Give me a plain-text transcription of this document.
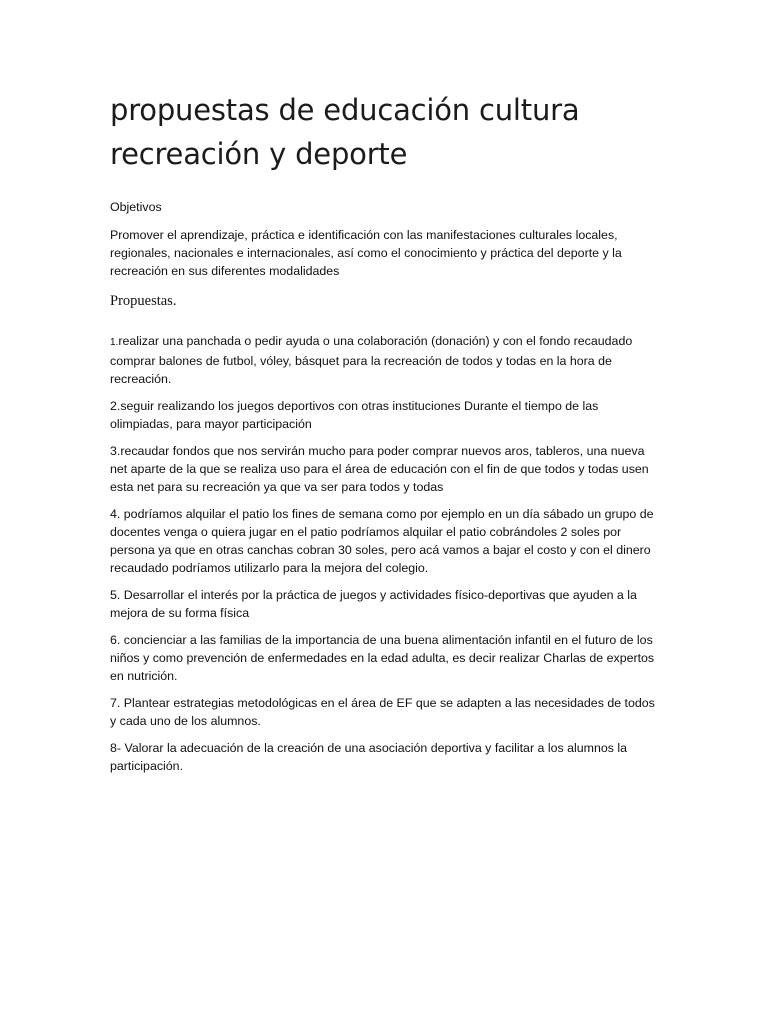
propuestas de educación cultura recreación y deporte

Objetivos

Promover el aprendizaje, práctica e identificación con las manifestaciones culturales locales, regionales, nacionales e internacionales, así como el conocimiento y práctica del deporte y la recreación en sus diferentes modalidades

Propuestas.

1.realizar una panchada o pedir ayuda o una colaboración (donación) y con el fondo recaudado comprar balones de futbol, vóley, básquet para la recreación de todos y todas en la hora de recreación.

2.seguir realizando los juegos deportivos con otras instituciones Durante el tiempo de las olimpiadas, para mayor participación

3.recaudar fondos que nos servirán mucho para poder comprar nuevos aros, tableros, una nueva net aparte de la que se realiza uso para el área de educación con el fin de que todos y todas usen esta net para su recreación ya que va ser para todos y todas

4. podríamos alquilar el patio los fines de semana como por ejemplo en un día sábado un grupo de docentes venga o quiera jugar en el patio podríamos alquilar el patio cobrándoles 2 soles por persona ya que en otras canchas cobran 30 soles, pero acá vamos a bajar el costo y con el dinero recaudado podríamos utilizarlo para la mejora del colegio.

5. Desarrollar el interés por la práctica de juegos y actividades físico-deportivas que ayuden a la mejora de su forma física

6. concienciar a las familias de la importancia de una buena alimentación infantil en el futuro de los niños y como prevención de enfermedades en la edad adulta, es decir realizar Charlas de expertos en nutrición.

7. Plantear estrategias metodológicas en el área de EF que se adapten a las necesidades de todos y cada uno de los alumnos.

8- Valorar la adecuación de la creación de una asociación deportiva y facilitar a los alumnos la participación.
